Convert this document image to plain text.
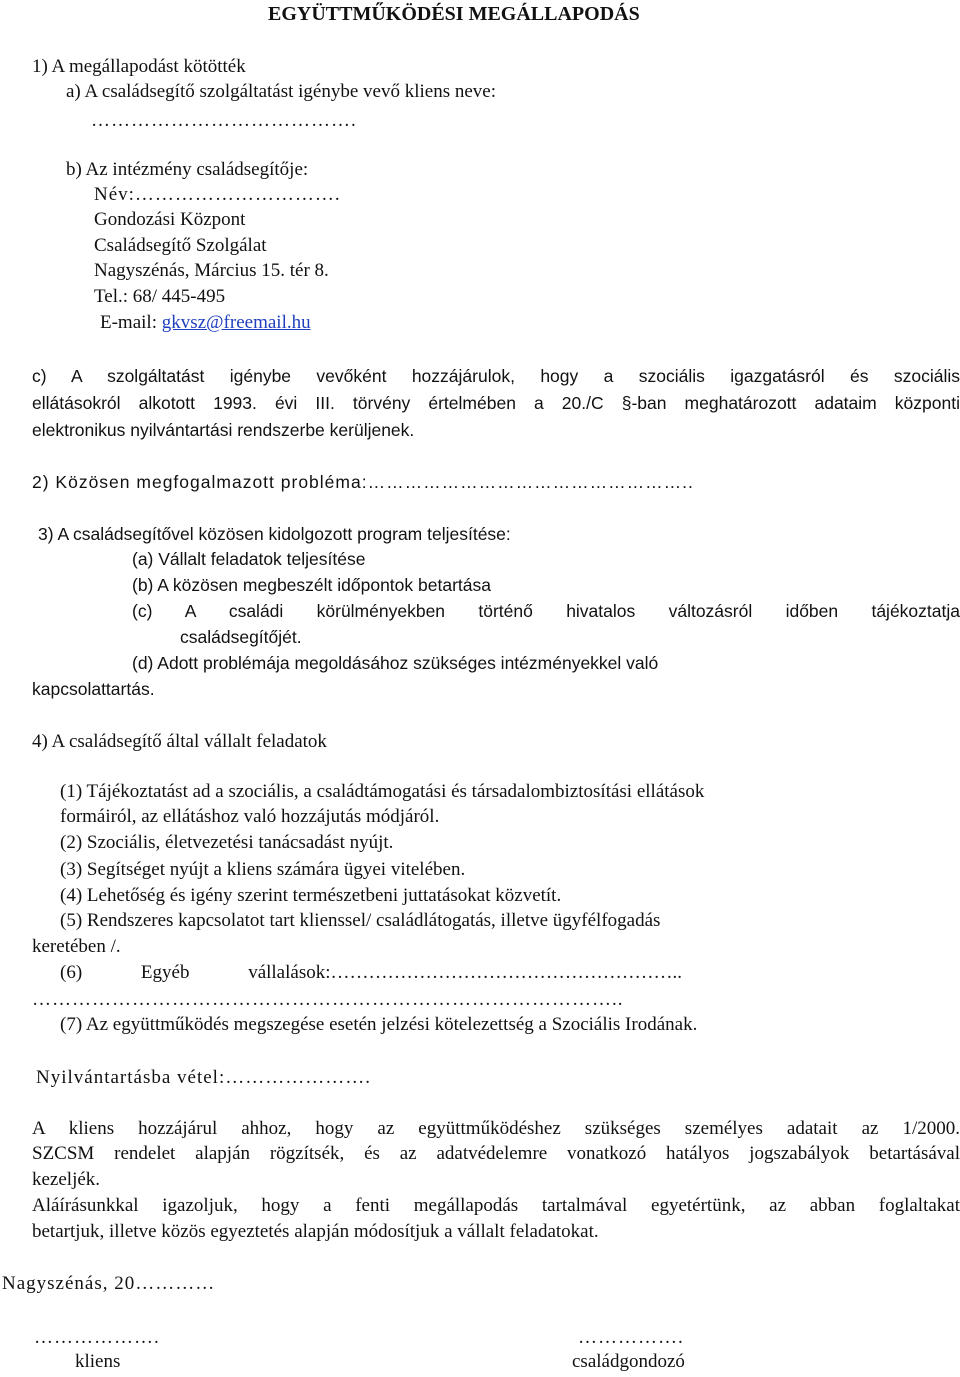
EGYÜTTMŰKÖDÉSI MEGÁLLAPODÁS
1) A megállapodást kötötték
a) A családsegítő szolgáltatást igénybe vevő kliens neve:
………………………………….
b) Az intézmény családsegítője:
Név:………………………….
Gondozási Központ
Családsegítő Szolgálat
Nagyszénás, Március 15. tér 8.
Tel.: 68/ 445-495
E-mail: gkvsz@freemail.hu
c) A szolgáltatást igénybe vevőként hozzájárulok, hogy a szociális igazgatásról és szociális
ellátásokról alkotott 1993. évi III. törvény értelmében a 20./C §-ban meghatározott adataim központi
elektronikus nyilvántartási rendszerbe kerüljenek.
2) Közösen megfogalmazott probléma:……………………………………………..
3) A családsegítővel közösen kidolgozott program teljesítése:
(a) Vállalt feladatok teljesítése
(b) A közösen megbeszélt időpontok betartása
(c) A családi körülményekben történő hivatalos változásról időben tájékoztatja
családsegítőjét.
(d) Adott problémája megoldásához szükséges intézményekkel való
kapcsolattartás.
4) A családsegítő által vállalt feladatok
(1) Tájékoztatást ad a szociális, a családtámogatási és társadalombiztosítási ellátások
formáiról, az ellátáshoz való hozzájutás módjáról.
(2) Szociális, életvezetési tanácsadást nyújt.
(3) Segítséget nyújt a kliens számára ügyei vitelében.
(4) Lehetőség és igény szerint természetbeni juttatásokat közvetít.
(5) Rendszeres kapcsolatot tart klienssel/ családlátogatás, illetve ügyfélfogadás
keretében /.
(6) Egyéb vállalások:………………………………………………..
……………………………………………………………………………..
(7) Az együttműködés megszegése esetén jelzési kötelezettség a Szociális Irodának.
Nyilvántartásba vétel:………………….
A kliens hozzájárul ahhoz, hogy az együttműködéshez szükséges személyes adatait az 1/2000.
SZCSM rendelet alapján rögzítsék, és az adatvédelemre vonatkozó hatályos jogszabályok betartásával
kezeljék.
Aláírásunkkal igazoljuk, hogy a fenti megállapodás tartalmával egyetértünk, az abban foglaltakat
betartjuk, illetve közös egyeztetés alapján módosítjuk a vállalt feladatokat.
Nagyszénás, 20…………
……………….
kliens
…………….
családgondozó
